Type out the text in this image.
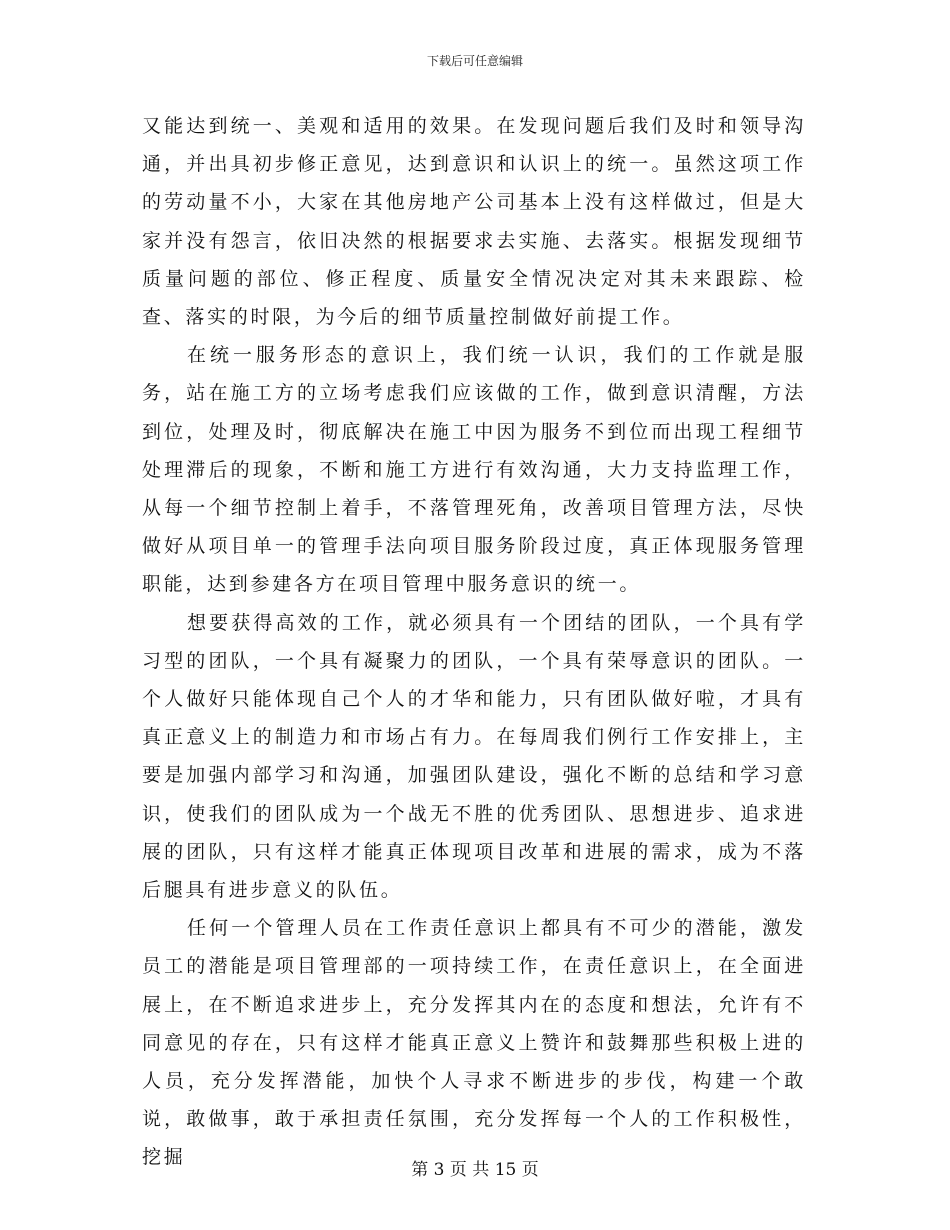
下载后可任意编辑

又能达到统一、美观和适用的效果。在发现问题后我们及时和领导沟通，并出具初步修正意见，达到意识和认识上的统一。虽然这项工作的劳动量不小，大家在其他房地产公司基本上没有这样做过，但是大家并没有怨言，依旧决然的根据要求去实施、去落实。根据发现细节质量问题的部位、修正程度、质量安全情况决定对其未来跟踪、检查、落实的时限，为今后的细节质量控制做好前提工作。

在统一服务形态的意识上，我们统一认识，我们的工作就是服务，站在施工方的立场考虑我们应该做的工作，做到意识清醒，方法到位，处理及时，彻底解决在施工中因为服务不到位而出现工程细节处理滞后的现象，不断和施工方进行有效沟通，大力支持监理工作，从每一个细节控制上着手，不落管理死角，改善项目管理方法，尽快做好从项目单一的管理手法向项目服务阶段过度，真正体现服务管理职能，达到参建各方在项目管理中服务意识的统一。

想要获得高效的工作，就必须具有一个团结的团队，一个具有学习型的团队，一个具有凝聚力的团队，一个具有荣辱意识的团队。一个人做好只能体现自己个人的才华和能力，只有团队做好啦，才具有真正意义上的制造力和市场占有力。在每周我们例行工作安排上，主要是加强内部学习和沟通，加强团队建设，强化不断的总结和学习意识，使我们的团队成为一个战无不胜的优秀团队、思想进步、追求进展的团队，只有这样才能真正体现项目改革和进展的需求，成为不落后腿具有进步意义的队伍。

任何一个管理人员在工作责任意识上都具有不可少的潜能，激发员工的潜能是项目管理部的一项持续工作，在责任意识上，在全面进展上，在不断追求进步上，充分发挥其内在的态度和想法，允许有不同意见的存在，只有这样才能真正意义上赞许和鼓舞那些积极上进的人员，充分发挥潜能，加快个人寻求不断进步的步伐，构建一个敢说，敢做事，敢于承担责任氛围，充分发挥每一个人的工作积极性，挖掘

第 3 页 共 15 页
